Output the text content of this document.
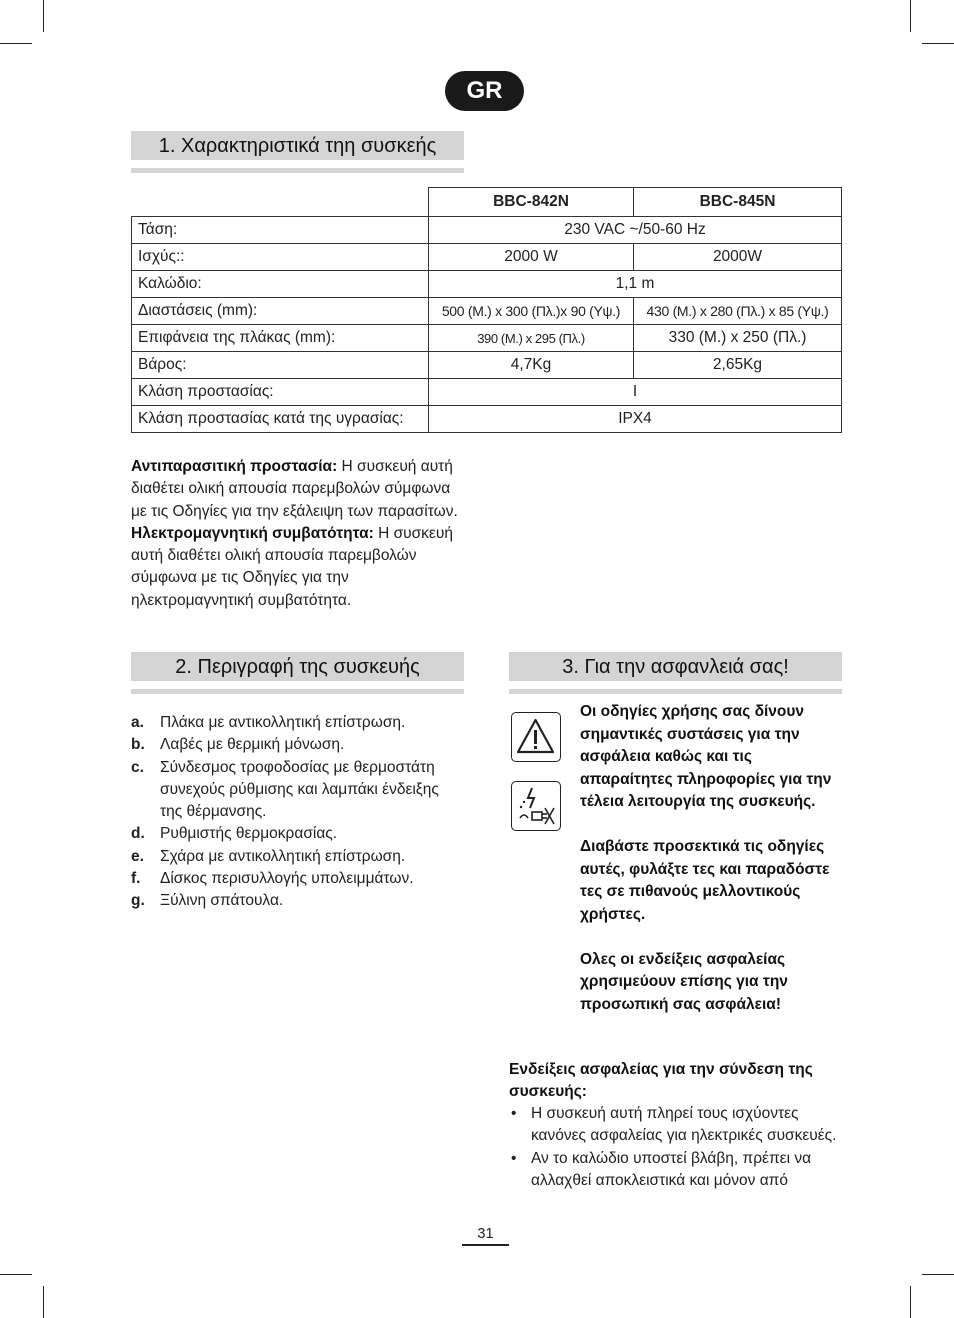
GR
1. Χαρακτηριστικά τηη συσκεής
	BBC-842N	BBC-845N
Τάση:	230 VAC ~/50-60 Hz	
Ισχύς::	2000 W	2000W
Καλώδιο:	1,1 m	
Διαστάσεις (mm):	500 (Μ.) x 300 (Πλ.)x 90 (Υψ.)	430 (Μ.) x 280 (Πλ.) x 85 (Υψ.)
Επιφάνεια της πλάκας (mm):	390 (Μ.) x 295 (Πλ.)	330 (Μ.) x 250 (Πλ.)
Βάρος:	4,7Kg	2,65Kg
Κλάση προστασίας:	I	
Κλάση προστασίας κατά της υγρασίας:	IPX4	
Αντιπαρασιτική προστασία: Η συσκευή αυτή διαθέτει ολική απουσία παρεμβολών σύμφωνα με τις Οδηγίες για την εξάλειψη των παρασίτων.
Ηλεκτρομαγνητική συμβατότητα: Η συσκευή αυτή διαθέτει ολική απουσία παρεμβολών σύμφωνα με τις Οδηγίες για την ηλεκτρομαγνητική συμβατότητα.
2. Περιγραφή της συσκευής
a. Πλάκα με αντικολλητική επίστρωση.
b. Λαβές με θερμική μόνωση.
c. Σύνδεσμος τροφοδοσίας με θερμοστάτη συνεχούς ρύθμισης και λαμπάκι ένδειξης της θέρμανσης.
d. Ρυθμιστής θερμοκρασίας.
e. Σχάρα με αντικολλητική επίστρωση.
f. Δίσκος περισυλλογής υπολειμμάτων.
g. Ξύλινη σπάτουλα.
3. Για την ασφανλειά σας!

Οι οδηγίες χρήσης σας δίνουν σημαντικές συστάσεις για την ασφάλεια καθώς και τις απαραίτητες πληροφορίες για την τέλεια λειτουργία της συσκευής.

Διαβάστε προσεκτικά τις οδηγίες αυτές, φυλάξτε τες και παραδόστε τες σε πιθανούς μελλοντικούς χρήστες.

Ολες οι ενδείξεις ασφαλείας χρησιμεύουν επίσης για την προσωπική σας ασφάλεια!

Ενδείξεις ασφαλείας για την σύνδεση της συσκευής:
• Η συσκευή αυτή πληρεί τους ισχύοντες κανόνες ασφαλείας για ηλεκτρικές συσκευές.
• Αν το καλώδιο υποστεί βλάβη, πρέπει να αλλαχθεί αποκλειστικά και μόνον από
31
